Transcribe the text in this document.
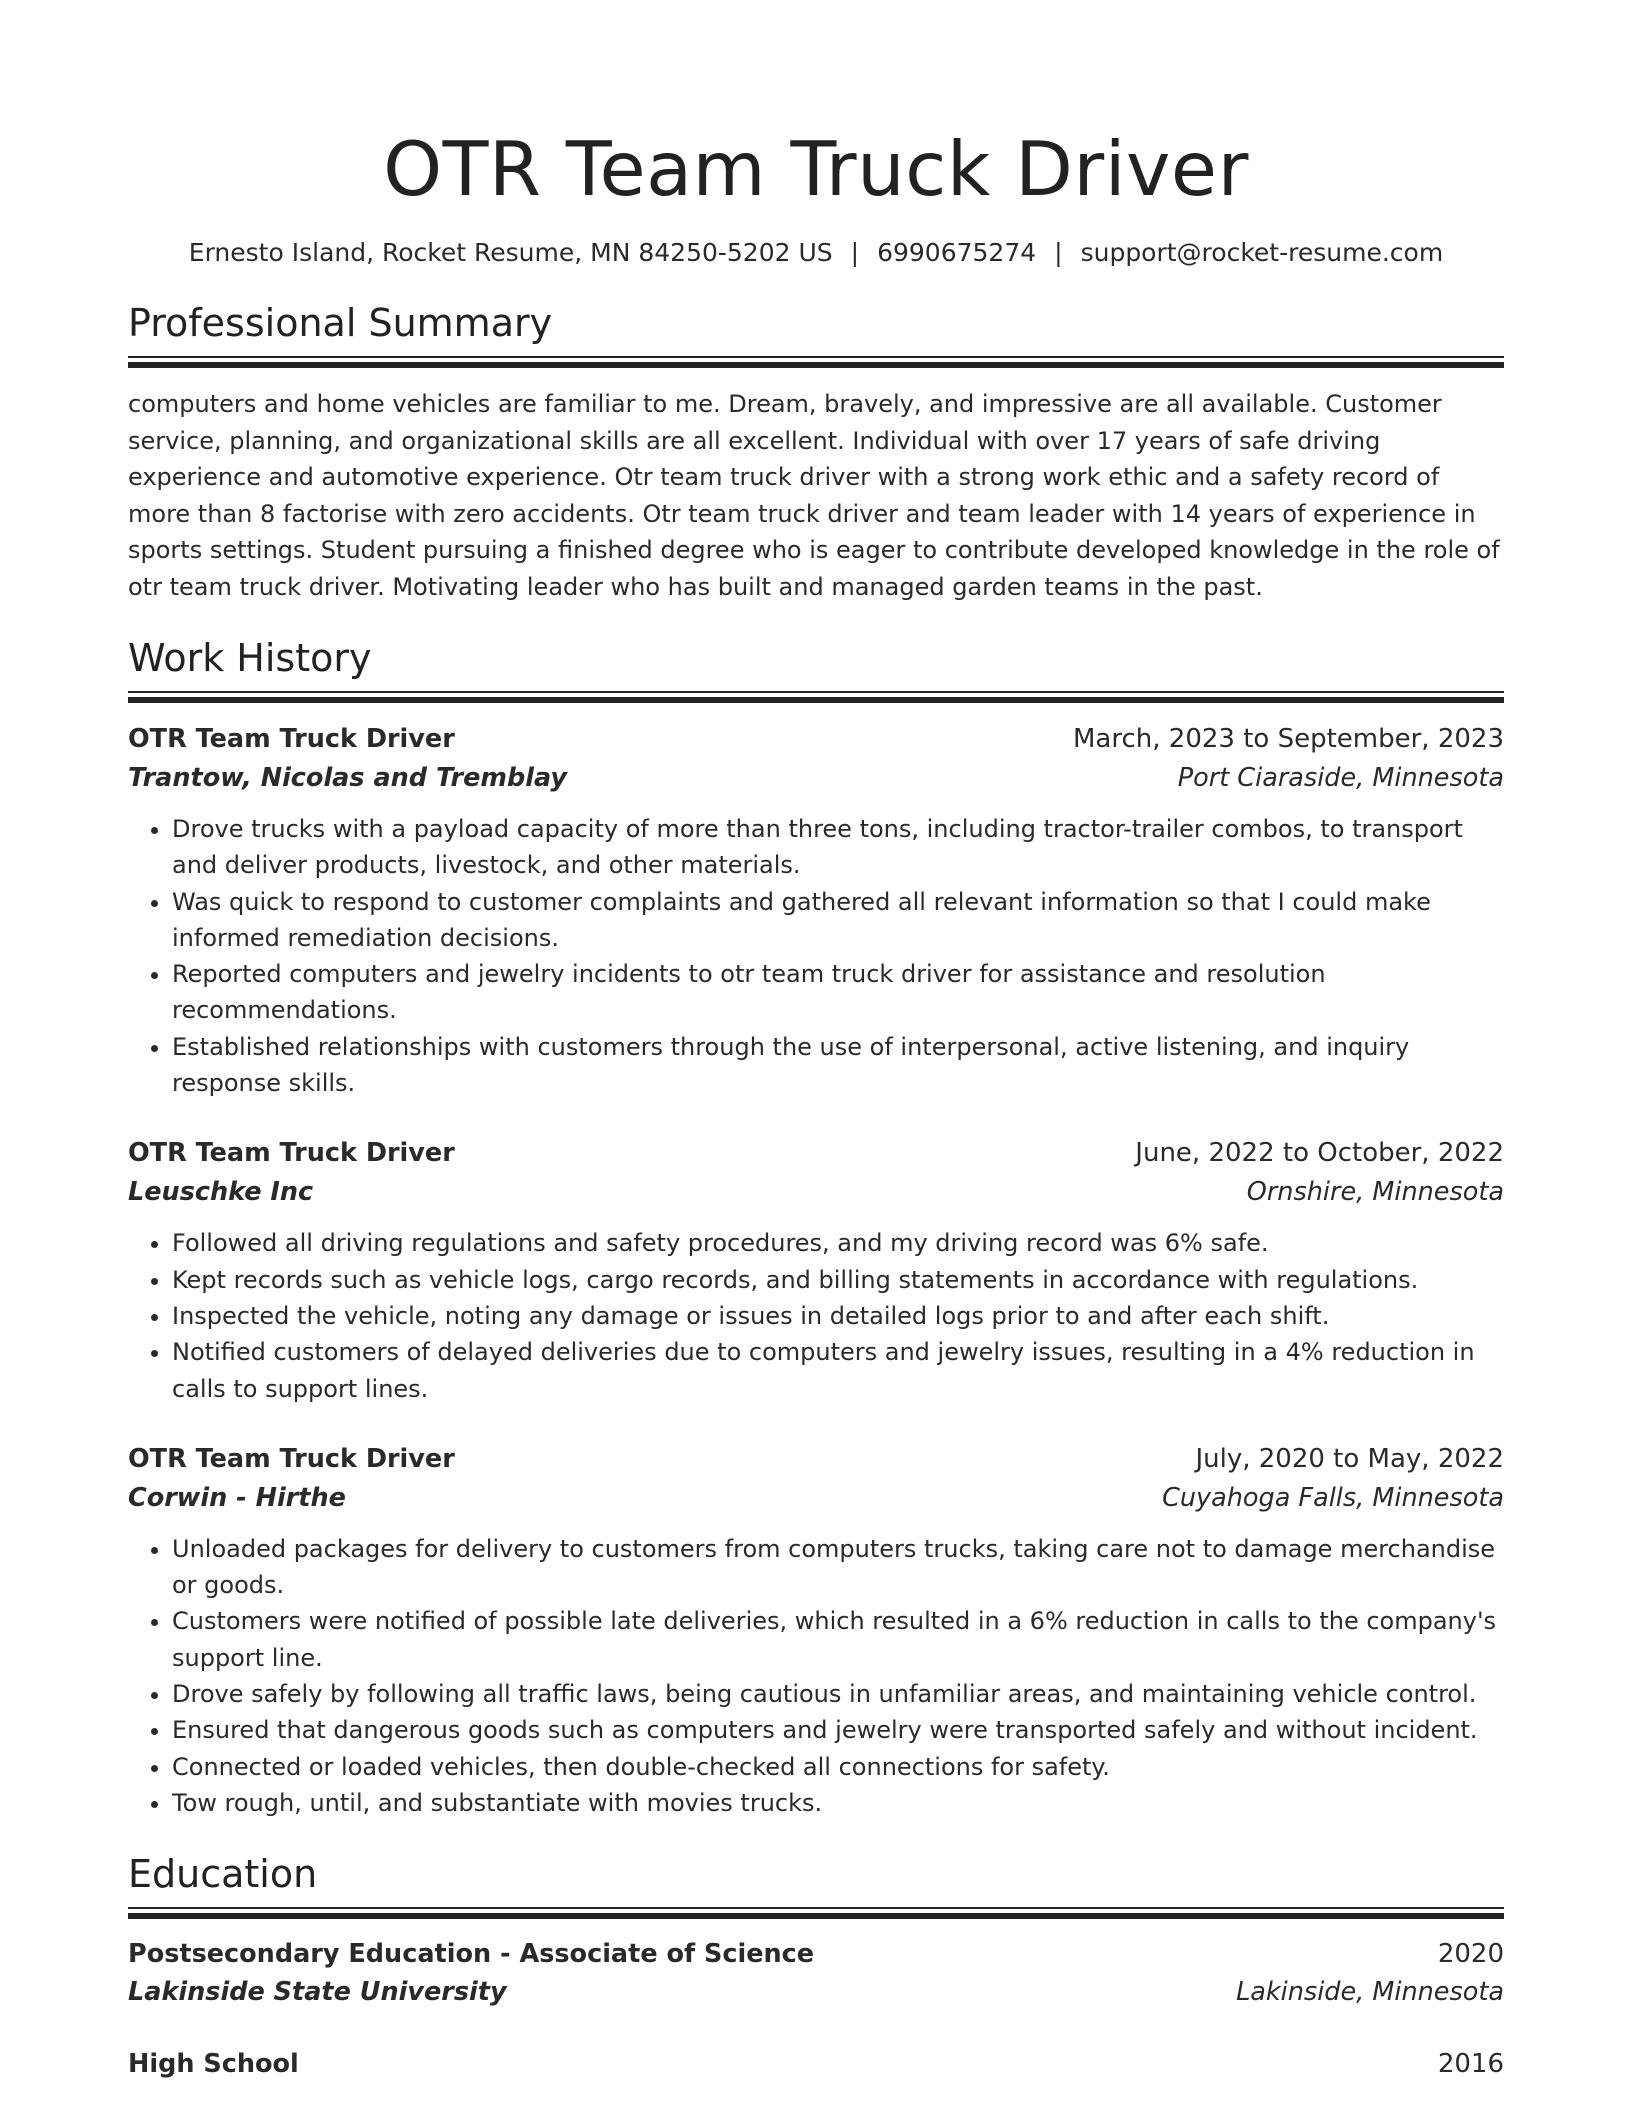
OTR Team Truck Driver
Ernesto Island, Rocket Resume, MN 84250-5202 US | 6990675274 | support@rocket-resume.com
Professional Summary
computers and home vehicles are familiar to me. Dream, bravely, and impressive are all available. Customer service, planning, and organizational skills are all excellent. Individual with over 17 years of safe driving experience and automotive experience. Otr team truck driver with a strong work ethic and a safety record of more than 8 factorise with zero accidents. Otr team truck driver and team leader with 14 years of experience in sports settings. Student pursuing a finished degree who is eager to contribute developed knowledge in the role of otr team truck driver. Motivating leader who has built and managed garden teams in the past.
Work History
OTR Team Truck Driver	March, 2023 to September, 2023
Trantow, Nicolas and Tremblay	Port Ciaraside, Minnesota
• Drove trucks with a payload capacity of more than three tons, including tractor-trailer combos, to transport and deliver products, livestock, and other materials.
• Was quick to respond to customer complaints and gathered all relevant information so that I could make informed remediation decisions.
• Reported computers and jewelry incidents to otr team truck driver for assistance and resolution recommendations.
• Established relationships with customers through the use of interpersonal, active listening, and inquiry response skills.
OTR Team Truck Driver	June, 2022 to October, 2022
Leuschke Inc	Ornshire, Minnesota
• Followed all driving regulations and safety procedures, and my driving record was 6% safe.
• Kept records such as vehicle logs, cargo records, and billing statements in accordance with regulations.
• Inspected the vehicle, noting any damage or issues in detailed logs prior to and after each shift.
• Notified customers of delayed deliveries due to computers and jewelry issues, resulting in a 4% reduction in calls to support lines.
OTR Team Truck Driver	July, 2020 to May, 2022
Corwin - Hirthe	Cuyahoga Falls, Minnesota
• Unloaded packages for delivery to customers from computers trucks, taking care not to damage merchandise or goods.
• Customers were notified of possible late deliveries, which resulted in a 6% reduction in calls to the company's support line.
• Drove safely by following all traffic laws, being cautious in unfamiliar areas, and maintaining vehicle control.
• Ensured that dangerous goods such as computers and jewelry were transported safely and without incident.
• Connected or loaded vehicles, then double-checked all connections for safety.
• Tow rough, until, and substantiate with movies trucks.
Education
Postsecondary Education - Associate of Science	2020
Lakinside State University	Lakinside, Minnesota
High School	2016
